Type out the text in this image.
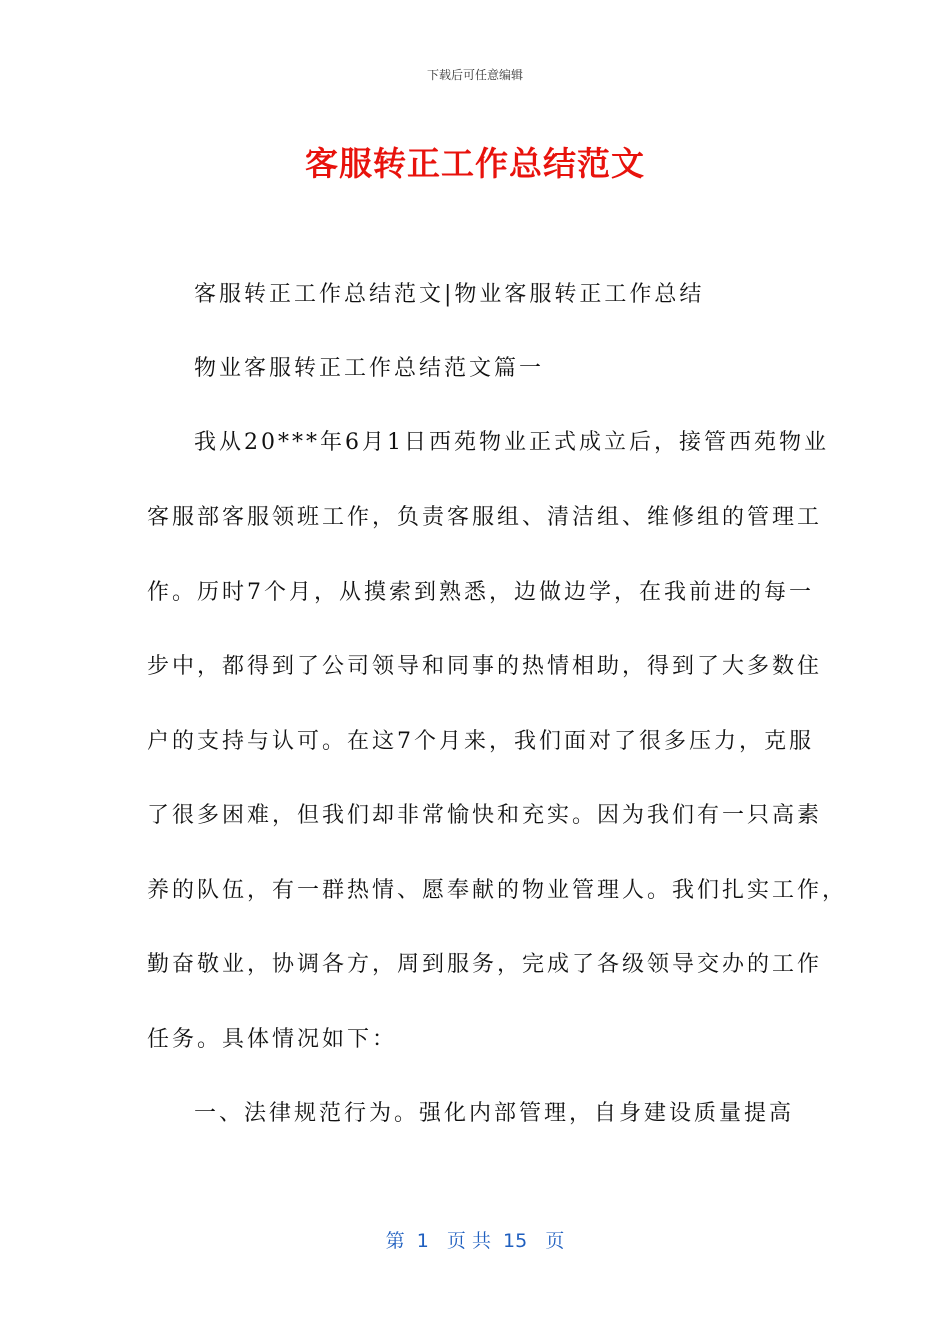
下载后可任意编辑
客服转正工作总结范文
客服转正工作总结范文|物业客服转正工作总结
物业客服转正工作总结范文篇一
我从20***年6月1日西苑物业正式成立后，接管西苑物业
客服部客服领班工作，负责客服组、清洁组、维修组的管理工
作。历时7个月，从摸索到熟悉，边做边学，在我前进的每一
步中，都得到了公司领导和同事的热情相助，得到了大多数住
户的支持与认可。在这7个月来，我们面对了很多压力，克服
了很多困难，但我们却非常愉快和充实。因为我们有一只高素
养的队伍，有一群热情、愿奉献的物业管理人。我们扎实工作，
勤奋敬业，协调各方，周到服务，完成了各级领导交办的工作
任务。具体情况如下：
一、法律规范行为。强化内部管理，自身建设质量提高
第  1   页 共  15   页
